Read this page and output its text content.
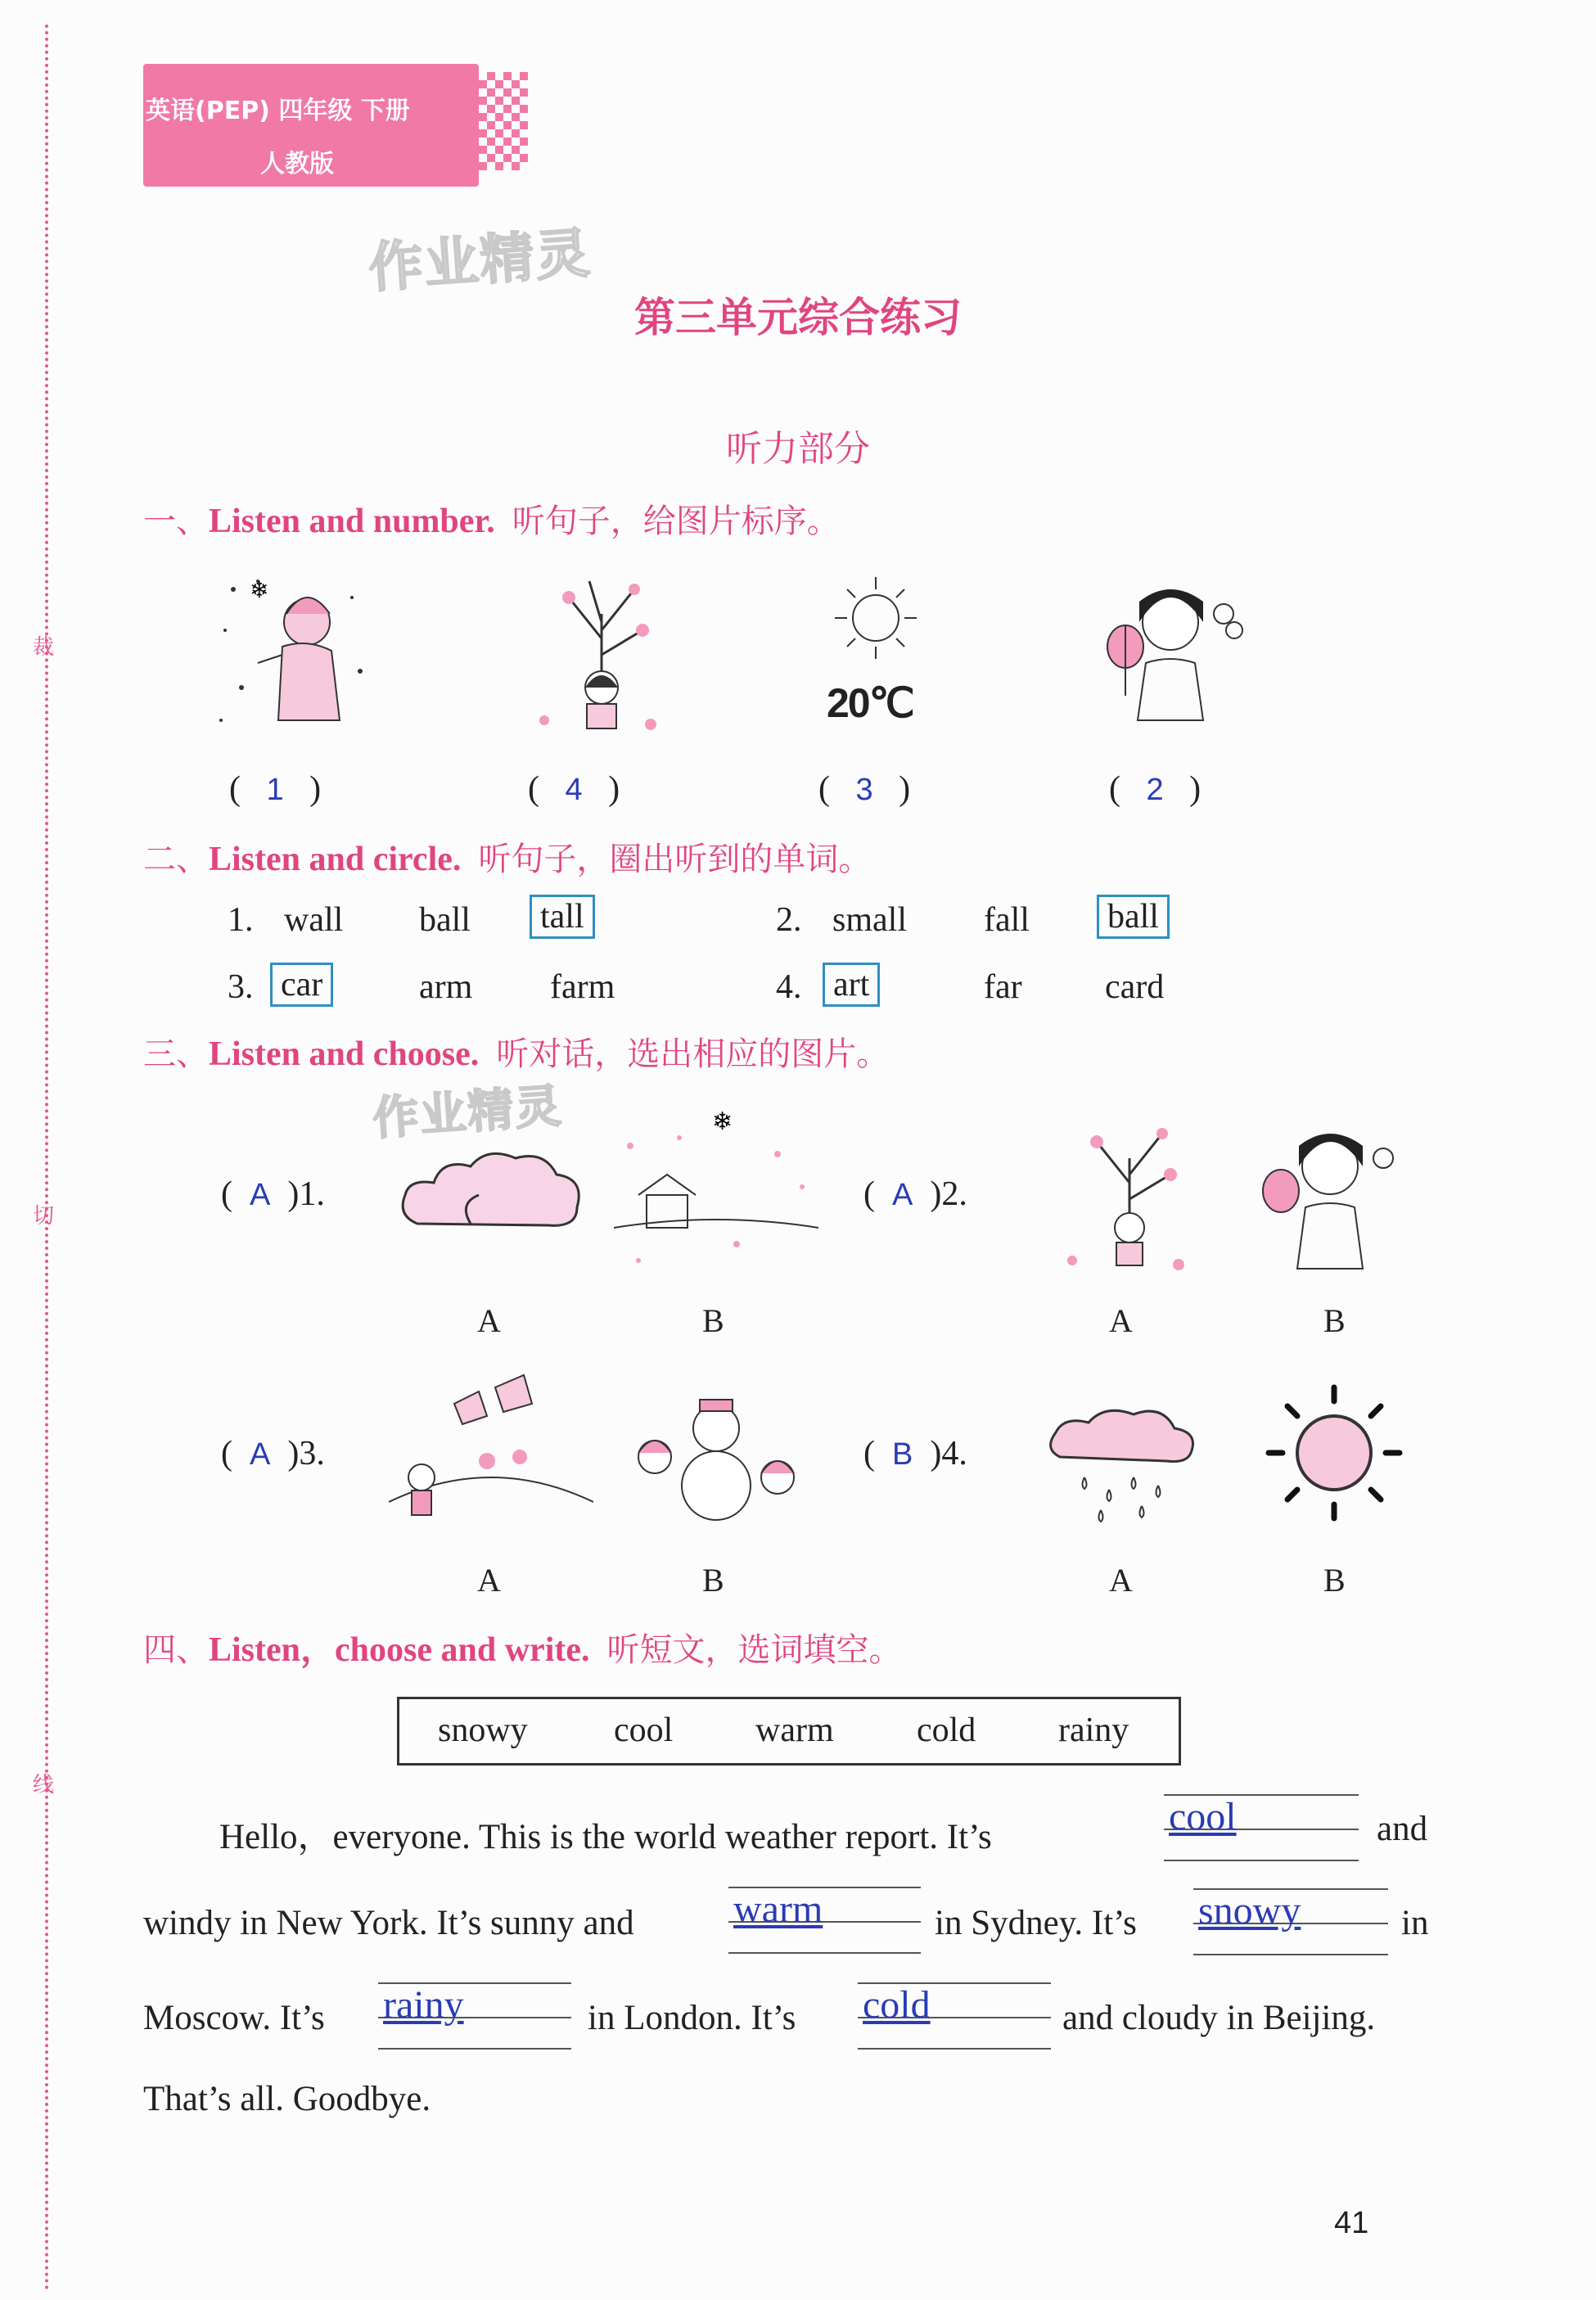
裁
切
线
英语(PEP) 四年级 下册
人教版
作业精灵
作业精灵
第三单元综合练习
听力部分
一、Listen and number. 听句子，给图片标序。
❄
20℃
(   1   )	(   4   )	(   3   )	(   2   )
二、Listen and circle. 听句子，圈出听到的单词。
1. wall ball	tall	2. small fall	ball
3. car	arm farm	4. art	far card
三、Listen and choose. 听对话，选出相应的图片。
(  A  )1.
❄
A	B
(  A  )2.
A	B
(  A  )3.
A	B
(  B  )4.
A	B
四、Listen，choose and write. 听短文，选词填空。
snowy	cool warm cold rainy
Hello，everyone. This is the world weather report. It’s	cool	and
windy in New York. It’s sunny and	warm	in Sydney. It’s snowy	in
Moscow. It’s rainy	in London. It’s cold	and cloudy in Beijing.
That’s all. Goodbye.
41
